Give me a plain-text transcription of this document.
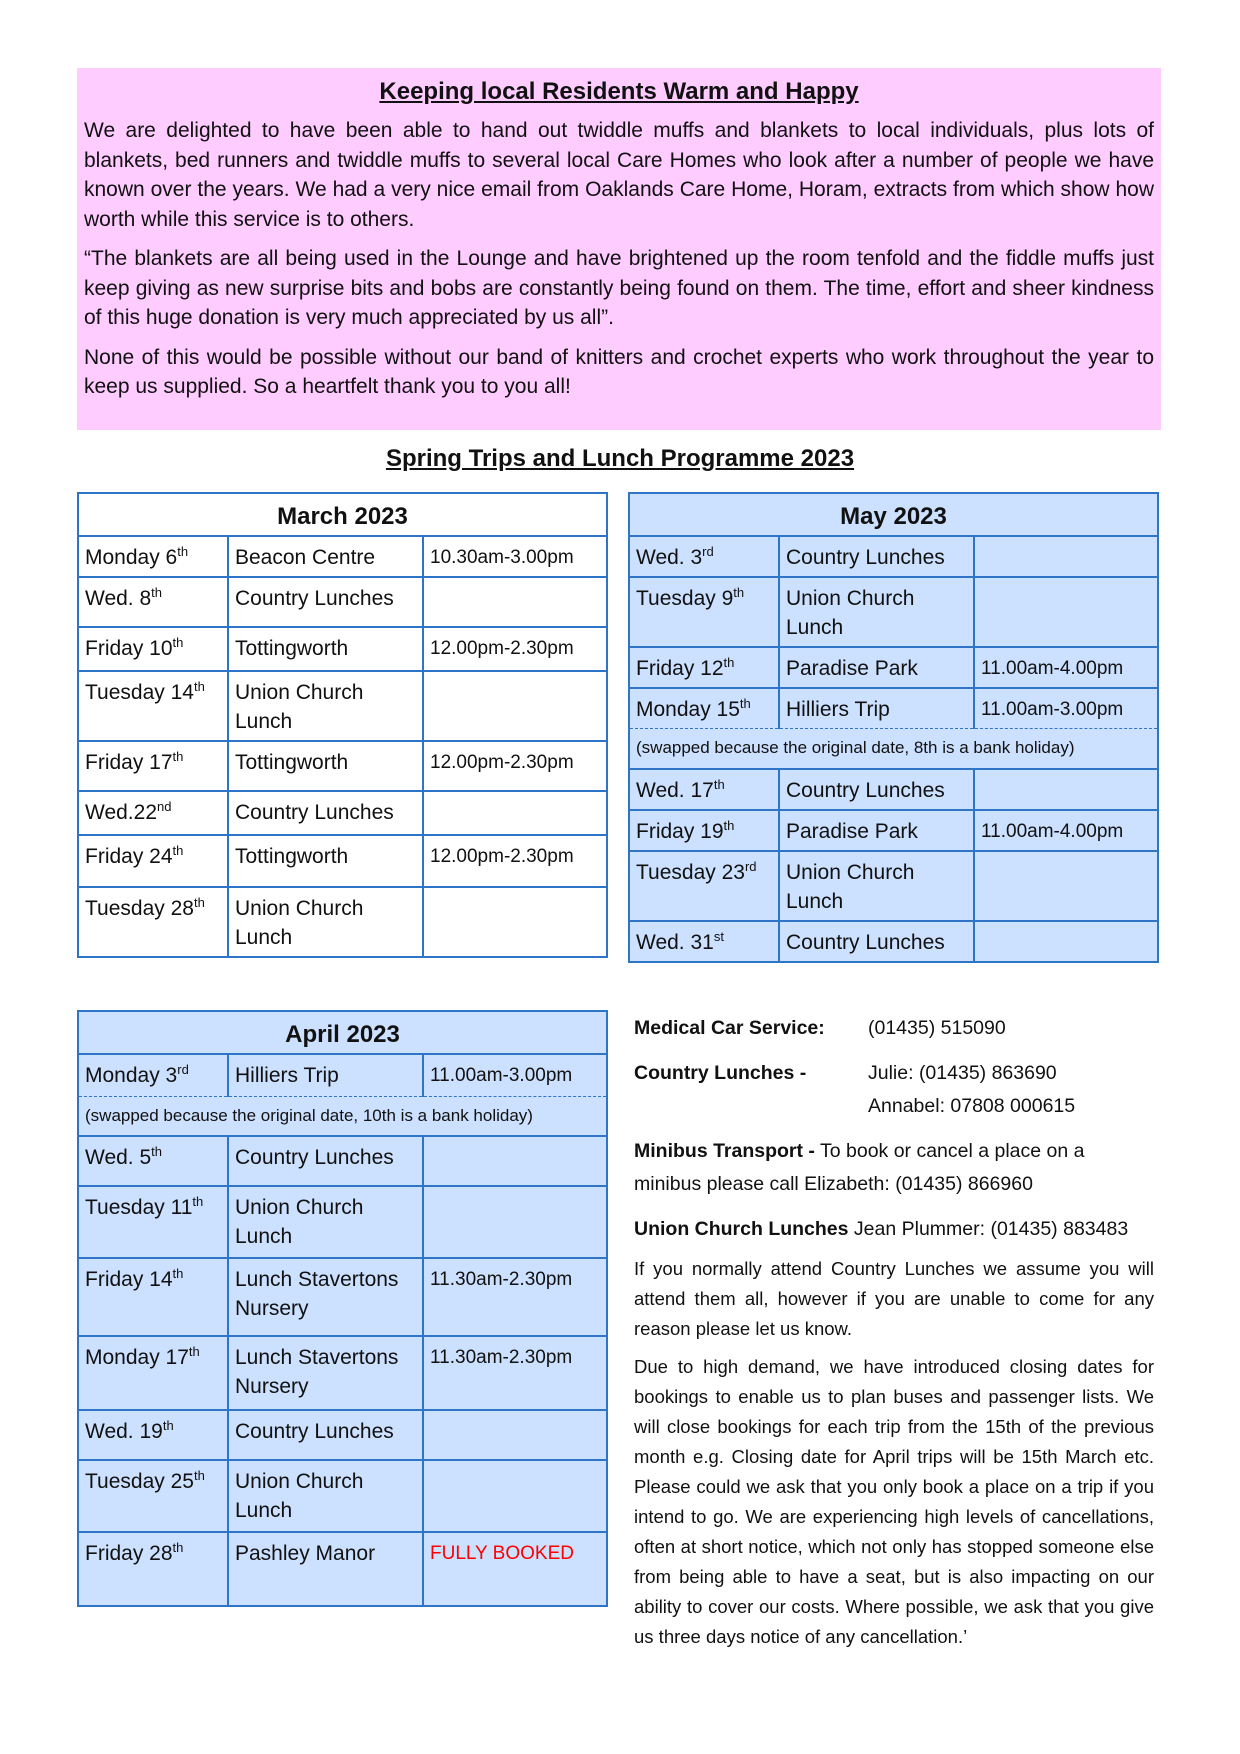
Keeping local Residents Warm and Happy

We are delighted to have been able to hand out twiddle muffs and blankets to local individuals, plus lots of blankets, bed runners and twiddle muffs to several local Care Homes who look after a number of people we have known over the years. We had a very nice email from Oaklands Care Home, Horam, extracts from which show how worth while this service is to others.

“The blankets are all being used in the Lounge and have brightened up the room tenfold and the fiddle muffs just keep giving as new surprise bits and bobs are constantly being found on them. The time, effort and sheer kindness of this huge donation is very much appreciated by us all”.

None of this would be possible without our band of knitters and crochet experts who work throughout the year to keep us supplied. So a heartfelt thank you to you all!

Spring Trips and Lunch Programme 2023
March 2023		
Monday 6th	Beacon Centre	10.30am-3.00pm
Wed. 8th	Country Lunches	
Friday 10th	Tottingworth	12.00pm-2.30pm
Tuesday 14th	Union Church Lunch	
Friday 17th	Tottingworth	12.00pm-2.30pm
Wed.22nd	Country Lunches	
Friday 24th	Tottingworth	12.00pm-2.30pm
Tuesday 28th	Union Church Lunch	
May 2023		
Wed. 3rd	Country Lunches	
Tuesday 9th	Union Church Lunch	
Friday 12th	Paradise Park	11.00am-4.00pm
Monday 15th	Hilliers Trip	11.00am-3.00pm
(swapped because the original date, 8th is a bank holiday)		
Wed. 17th	Country Lunches	
Friday 19th	Paradise Park	11.00am-4.00pm
Tuesday 23rd	Union Church Lunch	
Wed. 31st	Country Lunches	
April 2023		
Monday 3rd	Hilliers Trip	11.00am-3.00pm
(swapped because the original date, 10th is a bank holiday)		
Wed. 5th	Country Lunches	
Tuesday 11th	Union Church Lunch	
Friday 14th	Lunch Stavertons Nursery	11.30am-2.30pm
Monday 17th	Lunch Stavertons Nursery	11.30am-2.30pm
Wed. 19th	Country Lunches	
Tuesday 25th	Union Church Lunch	
Friday 28th	Pashley Manor	FULLY BOOKED
Medical Car Service:	(01435) 515090
Country Lunches -	Julie: (01435) 863690
Annabel: 07808 000615

Minibus Transport - To book or cancel a place on a minibus please call Elizabeth: (01435) 866960

Union Church Lunches Jean Plummer: (01435) 883483

If you normally attend Country Lunches we assume you will attend them all, however if you are unable to come for any reason please let us know.

Due to high demand, we have introduced closing dates for bookings to enable us to plan buses and passenger lists. We will close bookings for each trip from the 15th of the previous month e.g. Closing date for April trips will be 15th March etc. Please could we ask that you only book a place on a trip if you intend to go. We are experiencing high levels of cancellations, often at short notice, which not only has stopped someone else from being able to have a seat, but is also impacting on our ability to cover our costs. Where possible, we ask that you give us three days notice of any cancellation.’
